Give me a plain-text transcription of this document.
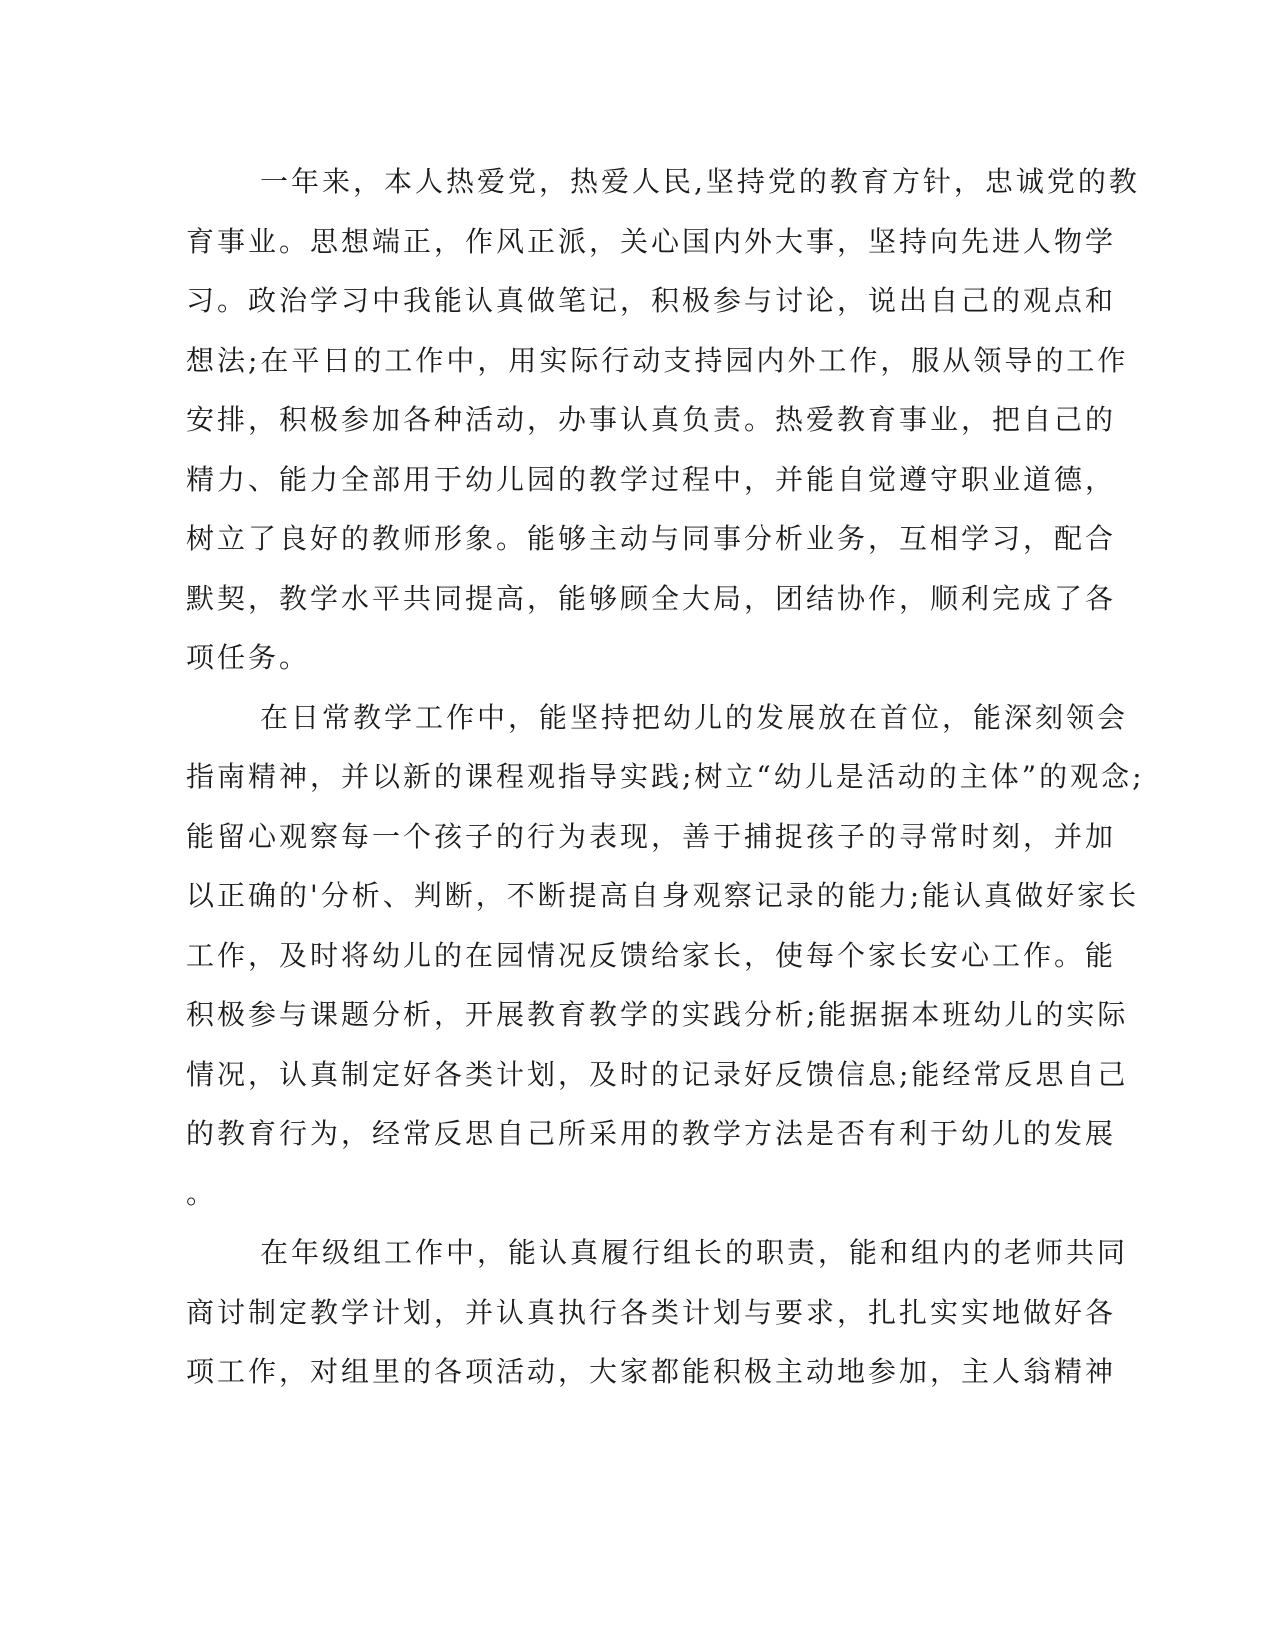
一年来，本人热爱党，热爱人民,坚持党的教育方针，忠诚党的教
育事业。思想端正，作风正派，关心国内外大事，坚持向先进人物学
习。政治学习中我能认真做笔记，积极参与讨论，说出自己的观点和
想法;在平日的工作中，用实际行动支持园内外工作，服从领导的工作
安排，积极参加各种活动，办事认真负责。热爱教育事业，把自己的
精力、能力全部用于幼儿园的教学过程中，并能自觉遵守职业道德，
树立了良好的教师形象。能够主动与同事分析业务，互相学习，配合
默契，教学水平共同提高，能够顾全大局，团结协作，顺利完成了各
项任务。
在日常教学工作中，能坚持把幼儿的发展放在首位，能深刻领会
指南精神，并以新的课程观指导实践;树立“幼儿是活动的主体”的观念;
能留心观察每一个孩子的行为表现，善于捕捉孩子的寻常时刻，并加
以正确的'分析、判断，不断提高自身观察记录的能力;能认真做好家长
工作，及时将幼儿的在园情况反馈给家长，使每个家长安心工作。能
积极参与课题分析，开展教育教学的实践分析;能据据本班幼儿的实际
情况，认真制定好各类计划，及时的记录好反馈信息;能经常反思自己
的教育行为，经常反思自己所采用的教学方法是否有利于幼儿的发展
。
在年级组工作中，能认真履行组长的职责，能和组内的老师共同
商讨制定教学计划，并认真执行各类计划与要求，扎扎实实地做好各
项工作，对组里的各项活动，大家都能积极主动地参加，主人翁精神
